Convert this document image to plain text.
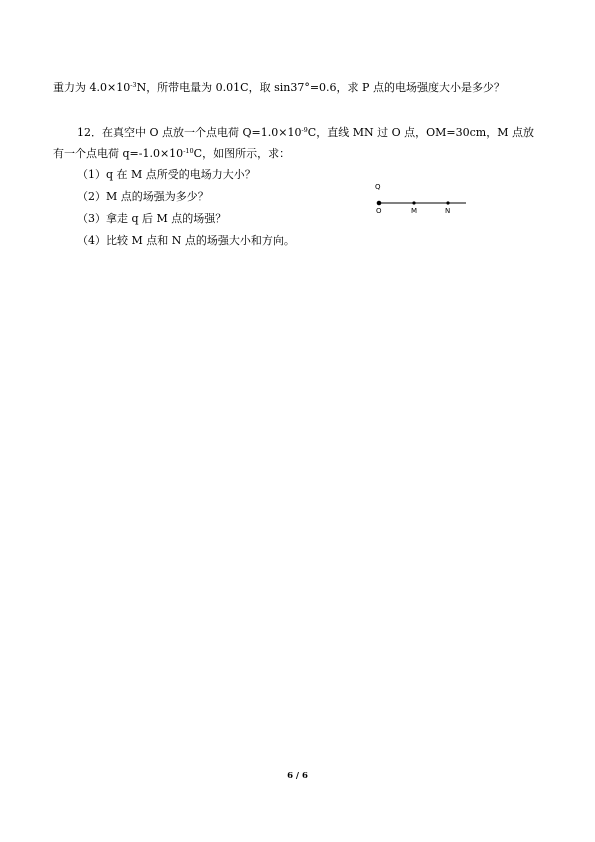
重力为 $4.0\times 10^{-3}N$，所带电量为 0.01C，取 sin37°=0.6，求 P 点的电场强度大小是多少？
12．在真空中 O 点放一个点电荷 $Q=1.0\times 10^{-9}C$，直线 MN 过 O 点，OM=30cm，M 点放
有一个点电荷 $q=-1.0\times 10^{-10}C$，如图所示，求：
（1）q 在 M 点所受的电场力大小？
（2）M 点的场强为多少？
（3）拿走 q 后 M 点的场强？
（4）比较 M 点和 N 点的场强大小和方向。
Q
O	M	N
6 / 6
